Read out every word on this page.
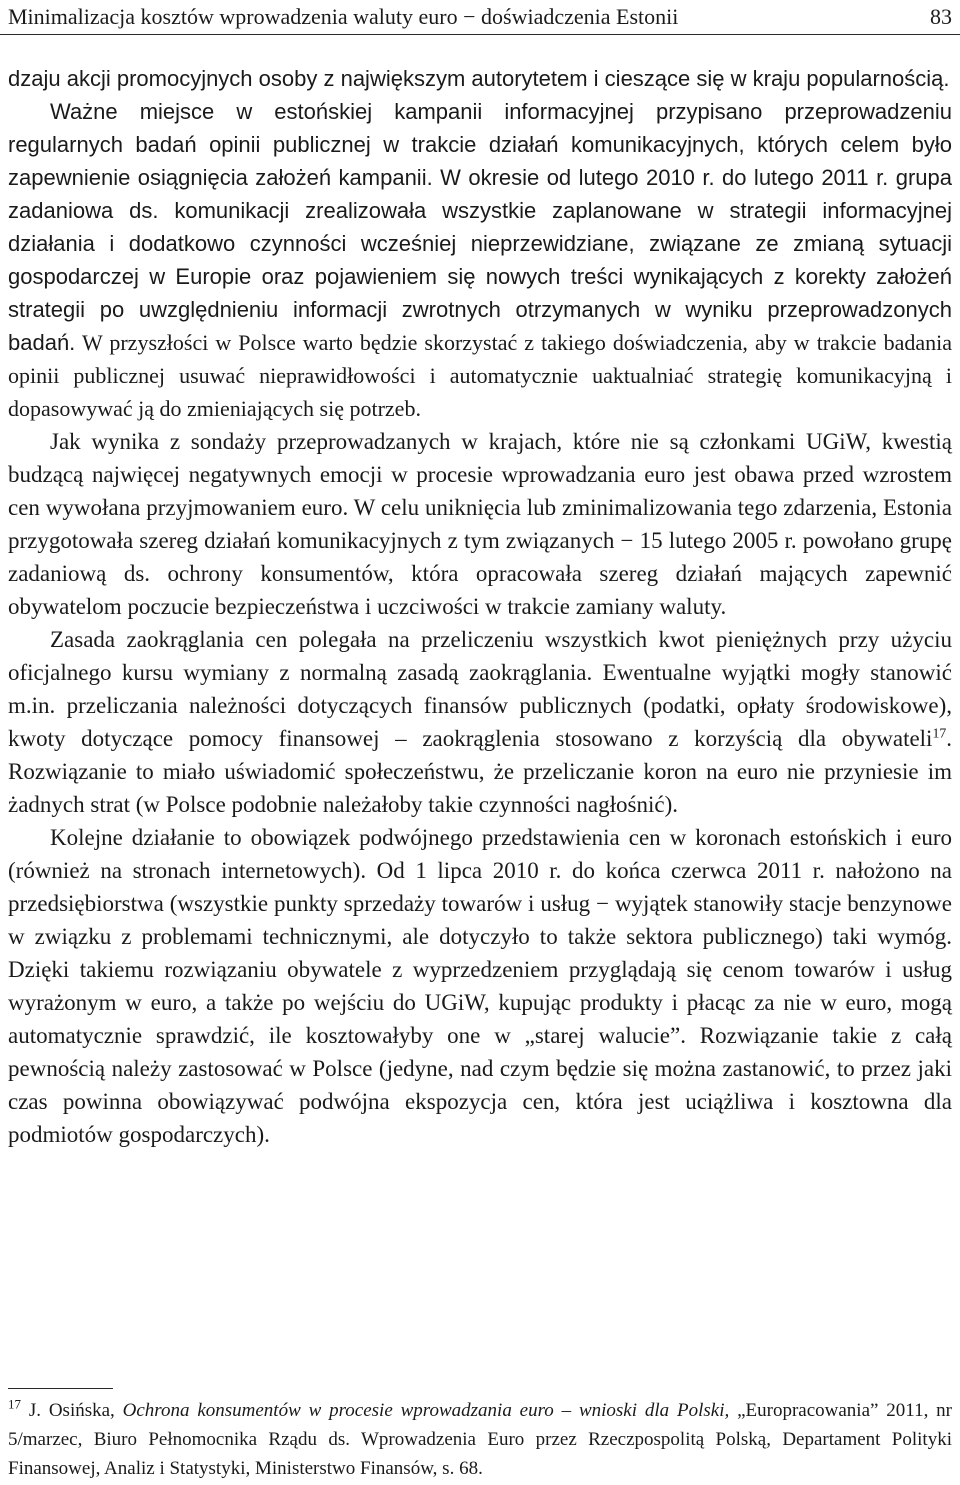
Minimalizacja kosztów wprowadzenia waluty euro − doświadczenia Estonii	83

dzaju akcji promocyjnych osoby z największym autorytetem i cieszące się w kraju popularnością.

Ważne miejsce w estońskiej kampanii informacyjnej przypisano przeprowadzeniu regularnych badań opinii publicznej w trakcie działań komunikacyjnych, których celem było zapewnienie osiągnięcia założeń kampanii. W okresie od lutego 2010 r. do lutego 2011 r. grupa zadaniowa ds. komunikacji zrealizowała wszystkie zaplanowane w strategii informacyjnej działania i dodatkowo czynności wcześniej nieprzewidziane, związane ze zmianą sytuacji gospodarczej w Europie oraz pojawieniem się nowych treści wynikających z korekty założeń strategii po uwzględnieniu informacji zwrotnych otrzymanych w wyniku przeprowadzonych badań. W przyszłości w Polsce warto będzie skorzystać z takiego doświadczenia, aby w trakcie badania opinii publicznej usuwać nieprawidłowości i automatycznie uaktualniać strategię komunikacyjną i dopasowywać ją do zmieniających się potrzeb.

Jak wynika z sondaży przeprowadzanych w krajach, które nie są członkami UGiW, kwestią budzącą najwięcej negatywnych emocji w procesie wprowadzania euro jest obawa przed wzrostem cen wywołana przyjmowaniem euro. W celu uniknięcia lub zminimalizowania tego zdarzenia, Estonia przygotowała szereg działań komunikacyjnych z tym związanych − 15 lutego 2005 r. powołano grupę zadaniową ds. ochrony konsumentów, która opracowała szereg działań mających zapewnić obywatelom poczucie bezpieczeństwa i uczciwości w trakcie zamiany waluty.

Zasada zaokrąglania cen polegała na przeliczeniu wszystkich kwot pieniężnych przy użyciu oficjalnego kursu wymiany z normalną zasadą zaokrąglania. Ewentualne wyjątki mogły stanowić m.in. przeliczania należności dotyczących finansów publicznych (podatki, opłaty środowiskowe), kwoty dotyczące pomocy finansowej – zaokrąglenia stosowano z korzyścią dla obywateli$^{17}$. Rozwiązanie to miało uświadomić społeczeństwu, że przeliczanie koron na euro nie przyniesie im żadnych strat (w Polsce podobnie należałoby takie czynności nagłośnić).

Kolejne działanie to obowiązek podwójnego przedstawienia cen w koronach estońskich i euro (również na stronach internetowych). Od 1 lipca 2010 r. do końca czerwca 2011 r. nałożono na przedsiębiorstwa (wszystkie punkty sprzedaży towarów i usług − wyjątek stanowiły stacje benzynowe w związku z problemami technicznymi, ale dotyczyło to także sektora publicznego) taki wymóg. Dzięki takiemu rozwiązaniu obywatele z wyprzedzeniem przyglądają się cenom towarów i usług wyrażonym w euro, a także po wejściu do UGiW, kupując produkty i płacąc za nie w euro, mogą automatycznie sprawdzić, ile kosztowałyby one w „starej walucie”. Rozwiązanie takie z całą pewnością należy zastosować w Polsce (jedyne, nad czym będzie się można zastanowić, to przez jaki czas powinna obowiązywać podwójna ekspozycja cen, która jest uciążliwa i kosztowna dla podmiotów gospodarczych).

$^{17}$ J. Osińska, Ochrona konsumentów w procesie wprowadzania euro – wnioski dla Polski, „Europracowania” 2011, nr 5/marzec, Biuro Pełnomocnika Rządu ds. Wprowadzenia Euro przez Rzeczpospolitą Polską, Departament Polityki Finansowej, Analiz i Statystyki, Ministerstwo Finansów, s. 68.
